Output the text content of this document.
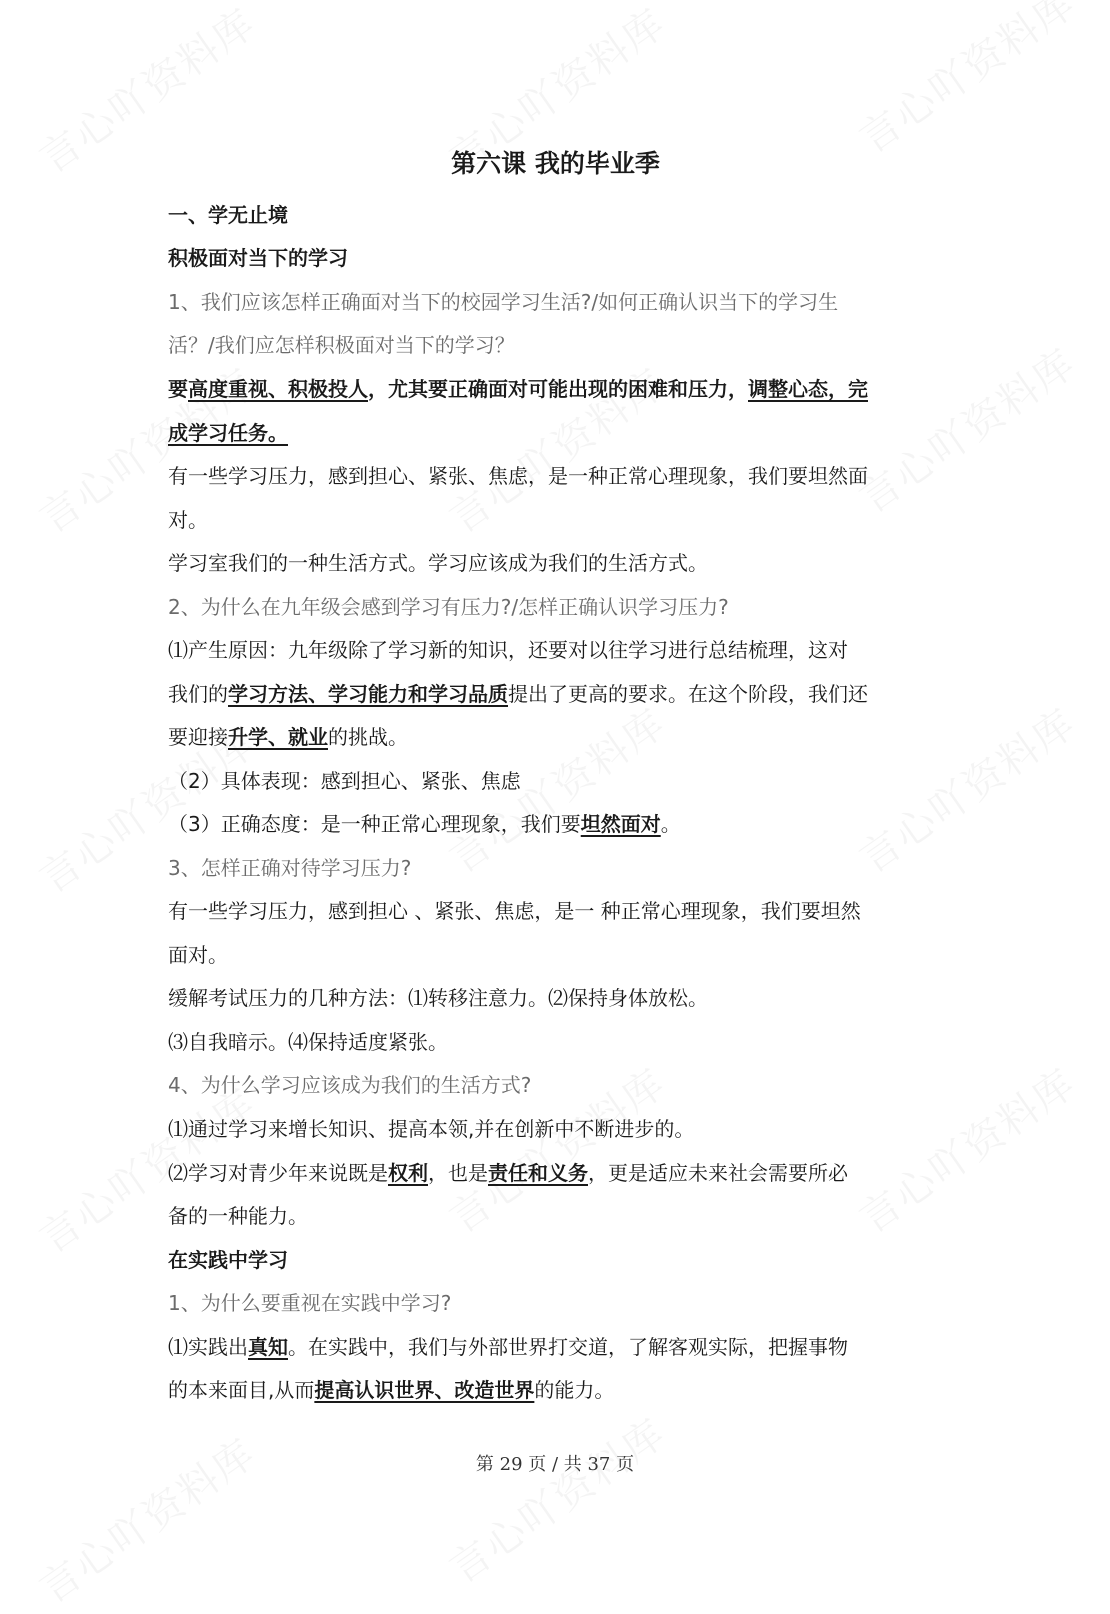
第六课 我的毕业季
一、学无止境
积极面对当下的学习
1、我们应该怎样正确面对当下的校园学习生活?/如何正确认识当下的学习生
活？/我们应怎样积极面对当下的学习？
要高度重视、积极投人，尤其要正确面对可能出现的困难和压力，调整心态，完
成学习任务。
有一些学习压力，感到担心、紧张、焦虑，是一种正常心理现象，我们要坦然面
对。
学习室我们的一种生活方式。学习应该成为我们的生活方式。
2、为什么在九年级会感到学习有压力?/怎样正确认识学习压力?
⑴产生原因：九年级除了学习新的知识，还要对以往学习进行总结梳理，这对
我们的学习方法、学习能力和学习品质提出了更高的要求。在这个阶段，我们还
要迎接升学、就业的挑战。
（2）具体表现：感到担心、紧张、焦虑
（3）正确态度：是一种正常心理现象，我们要坦然面对。
3、怎样正确对待学习压力?
有一些学习压力，感到担心 、紧张、焦虑，是一 种正常心理现象，我们要坦然
面对。
缓解考试压力的几种方法：⑴转移注意力。⑵保持身体放松。
⑶自我暗示。⑷保持适度紧张。
4、为什么学习应该成为我们的生活方式?
⑴通过学习来增长知识、提高本领,并在创新中不断进步的。
⑵学习对青少年来说既是权利，也是责任和义务，更是适应未来社会需要所必
备的一种能力。
在实践中学习
1、为什么要重视在实践中学习?
⑴实践出真知。在实践中，我们与外部世界打交道，了解客观实际，把握事物
的本来面目,从而提高认识世界、改造世界的能力。
第 29 页 / 共 37 页
